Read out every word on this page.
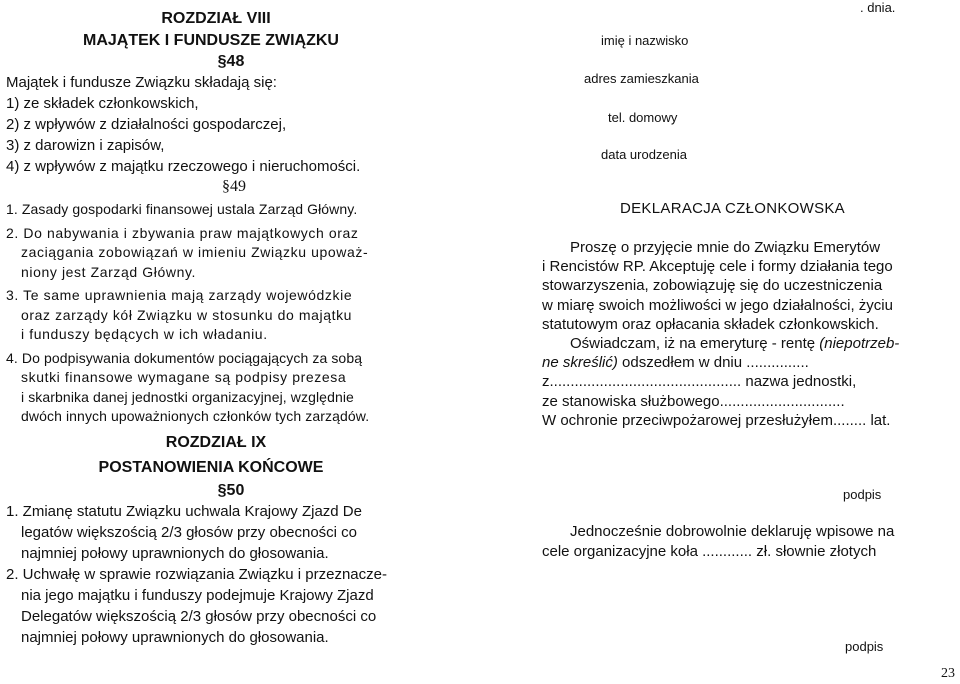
ROZDZIAŁ VIII
MAJĄTEK I FUNDUSZE ZWIĄZKU
§48
Majątek i fundusze Związku składają się:
1) ze składek członkowskich,
2) z wpływów z działalności gospodarczej,
3) z darowizn i zapisów,
4) z wpływów z majątku rzeczowego i nieruchomości.
§49
1. Zasady gospodarki finansowej ustala Zarząd Główny.
2. Do nabywania i zbywania praw majątkowych oraz
zaciągania zobowiązań w imieniu Związku upoważ-
niony jest Zarząd Główny.
3. Te same uprawnienia mają zarządy wojewódzkie
oraz zarządy kół Związku w stosunku do majątku
i funduszy będących w ich władaniu.
4. Do podpisywania dokumentów pociągających za sobą
skutki finansowe wymagane są podpisy prezesa
i skarbnika danej jednostki organizacyjnej, względnie
dwóch innych upoważnionych członków tych zarządów.
ROZDZIAŁ IX
POSTANOWIENIA KOŃCOWE
§50
1. Zmianę statutu Związku uchwala Krajowy Zjazd De
legatów większością 2/3 głosów przy obecności co
najmniej połowy uprawnionych do głosowania.
2. Uchwałę w sprawie rozwiązania Związku i przeznacze-
nia jego majątku i funduszy podejmuje Krajowy Zjazd
Delegatów większością 2/3 głosów przy obecności co
najmniej połowy uprawnionych do głosowania.
. dnia.
imię i nazwisko
adres zamieszkania
tel. domowy
data urodzenia
DEKLARACJA CZŁONKOWSKA
Proszę o przyjęcie mnie do Związku Emerytów
i Rencistów RP. Akceptuję cele i formy działania tego
stowarzyszenia, zobowiązuję się do uczestniczenia
w miarę swoich możliwości w jego działalności, życiu
statutowym oraz opłacania składek członkowskich.
Oświadczam, iż na emeryturę - rentę (niepotrzeb-
ne skreślić) odszedłem w dniu ...............
z.............................................. nazwa jednostki,
ze stanowiska służbowego..............................
W ochronie przeciwpożarowej przesłużyłem........ lat.
podpis
Jednocześnie dobrowolnie deklaruję wpisowe na
cele organizacyjne koła ............ zł. słownie złotych
podpis
23
